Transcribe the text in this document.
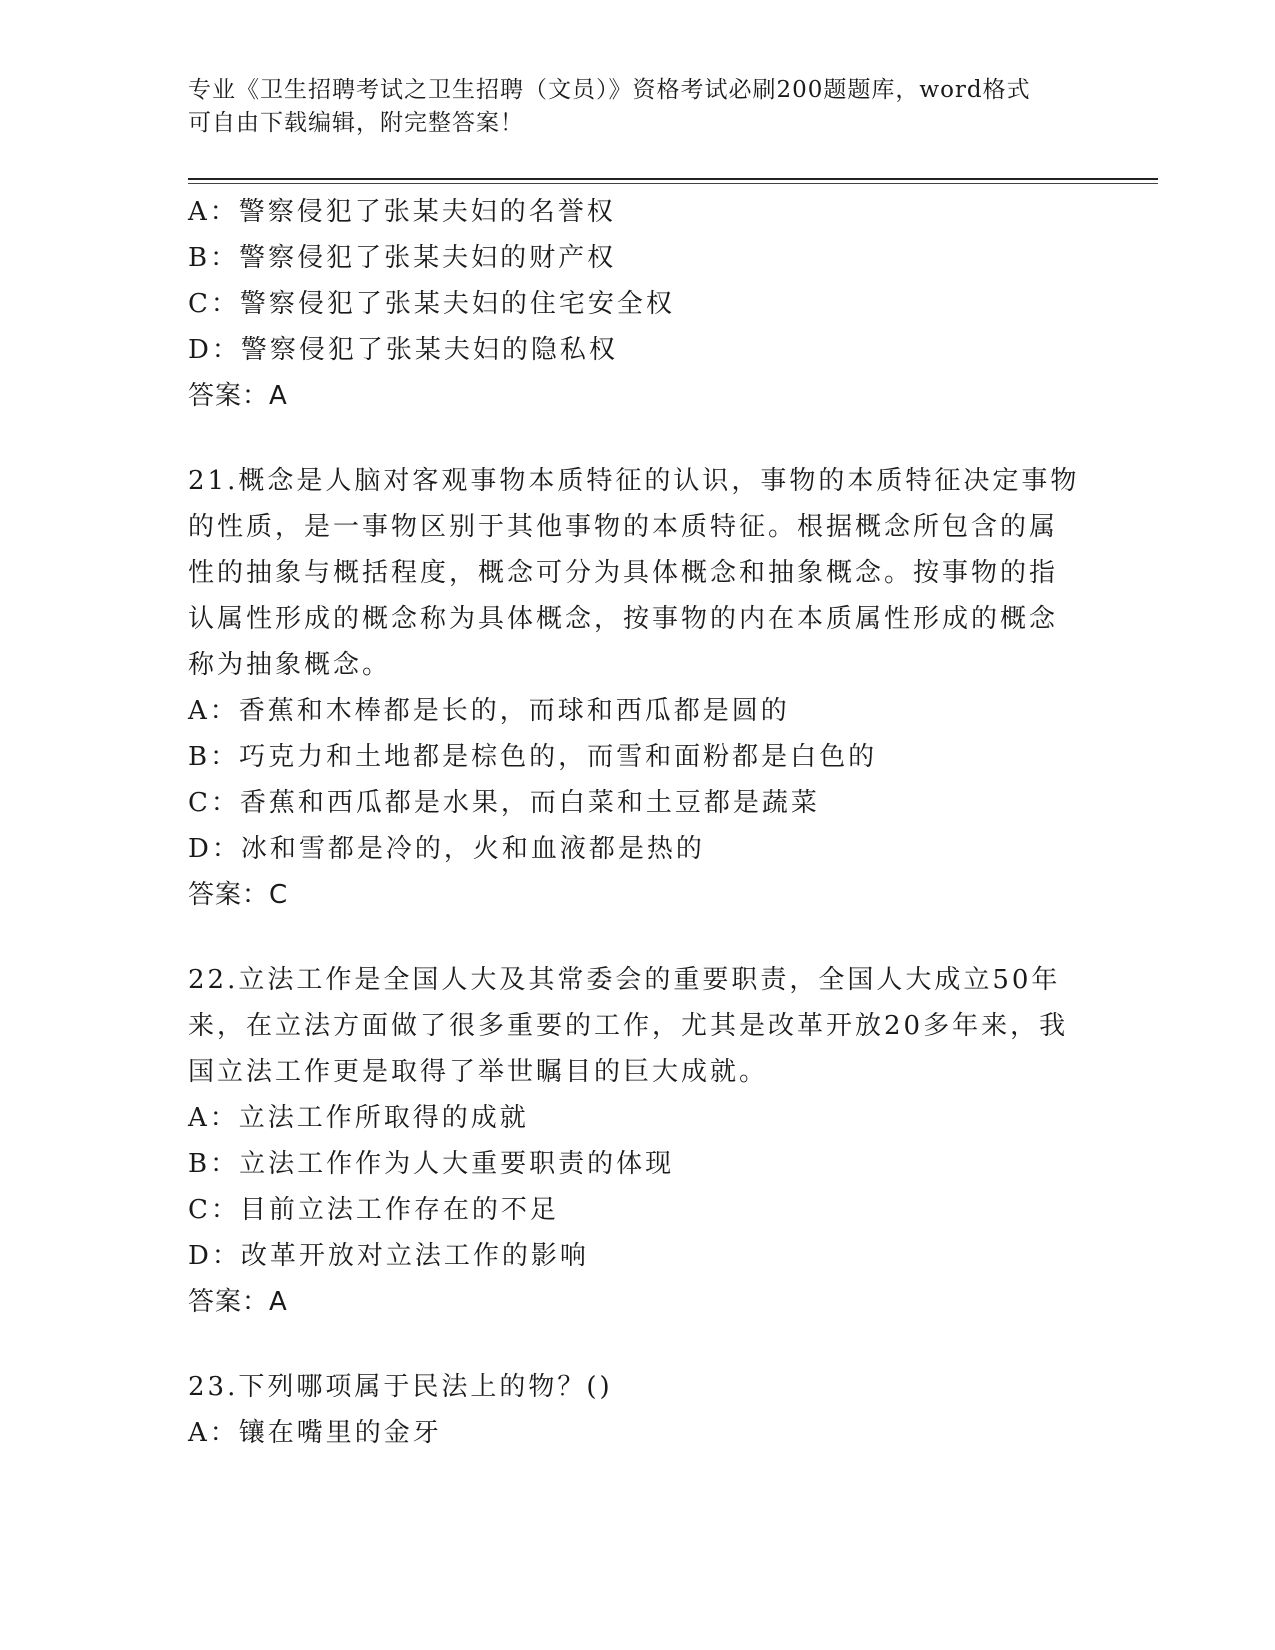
专业《卫生招聘考试之卫生招聘（文员）》资格考试必刷200题题库，word格式
可自由下载编辑，附完整答案！
A：警察侵犯了张某夫妇的名誉权
B：警察侵犯了张某夫妇的财产权
C：警察侵犯了张某夫妇的住宅安全权
D：警察侵犯了张某夫妇的隐私权
答案：A
21.概念是人脑对客观事物本质特征的认识，事物的本质特征决定事物
的性质，是一事物区别于其他事物的本质特征。根据概念所包含的属
性的抽象与概括程度，概念可分为具体概念和抽象概念。按事物的指
认属性形成的概念称为具体概念，按事物的内在本质属性形成的概念
称为抽象概念。
A：香蕉和木棒都是长的，而球和西瓜都是圆的
B：巧克力和土地都是棕色的，而雪和面粉都是白色的
C：香蕉和西瓜都是水果，而白菜和土豆都是蔬菜
D：冰和雪都是冷的，火和血液都是热的
答案：C
22.立法工作是全国人大及其常委会的重要职责，全国人大成立50年
来，在立法方面做了很多重要的工作，尤其是改革开放20多年来，我
国立法工作更是取得了举世瞩目的巨大成就。
A：立法工作所取得的成就
B：立法工作作为人大重要职责的体现
C：目前立法工作存在的不足
D：改革开放对立法工作的影响
答案：A
23.下列哪项属于民法上的物？()
A：镶在嘴里的金牙
